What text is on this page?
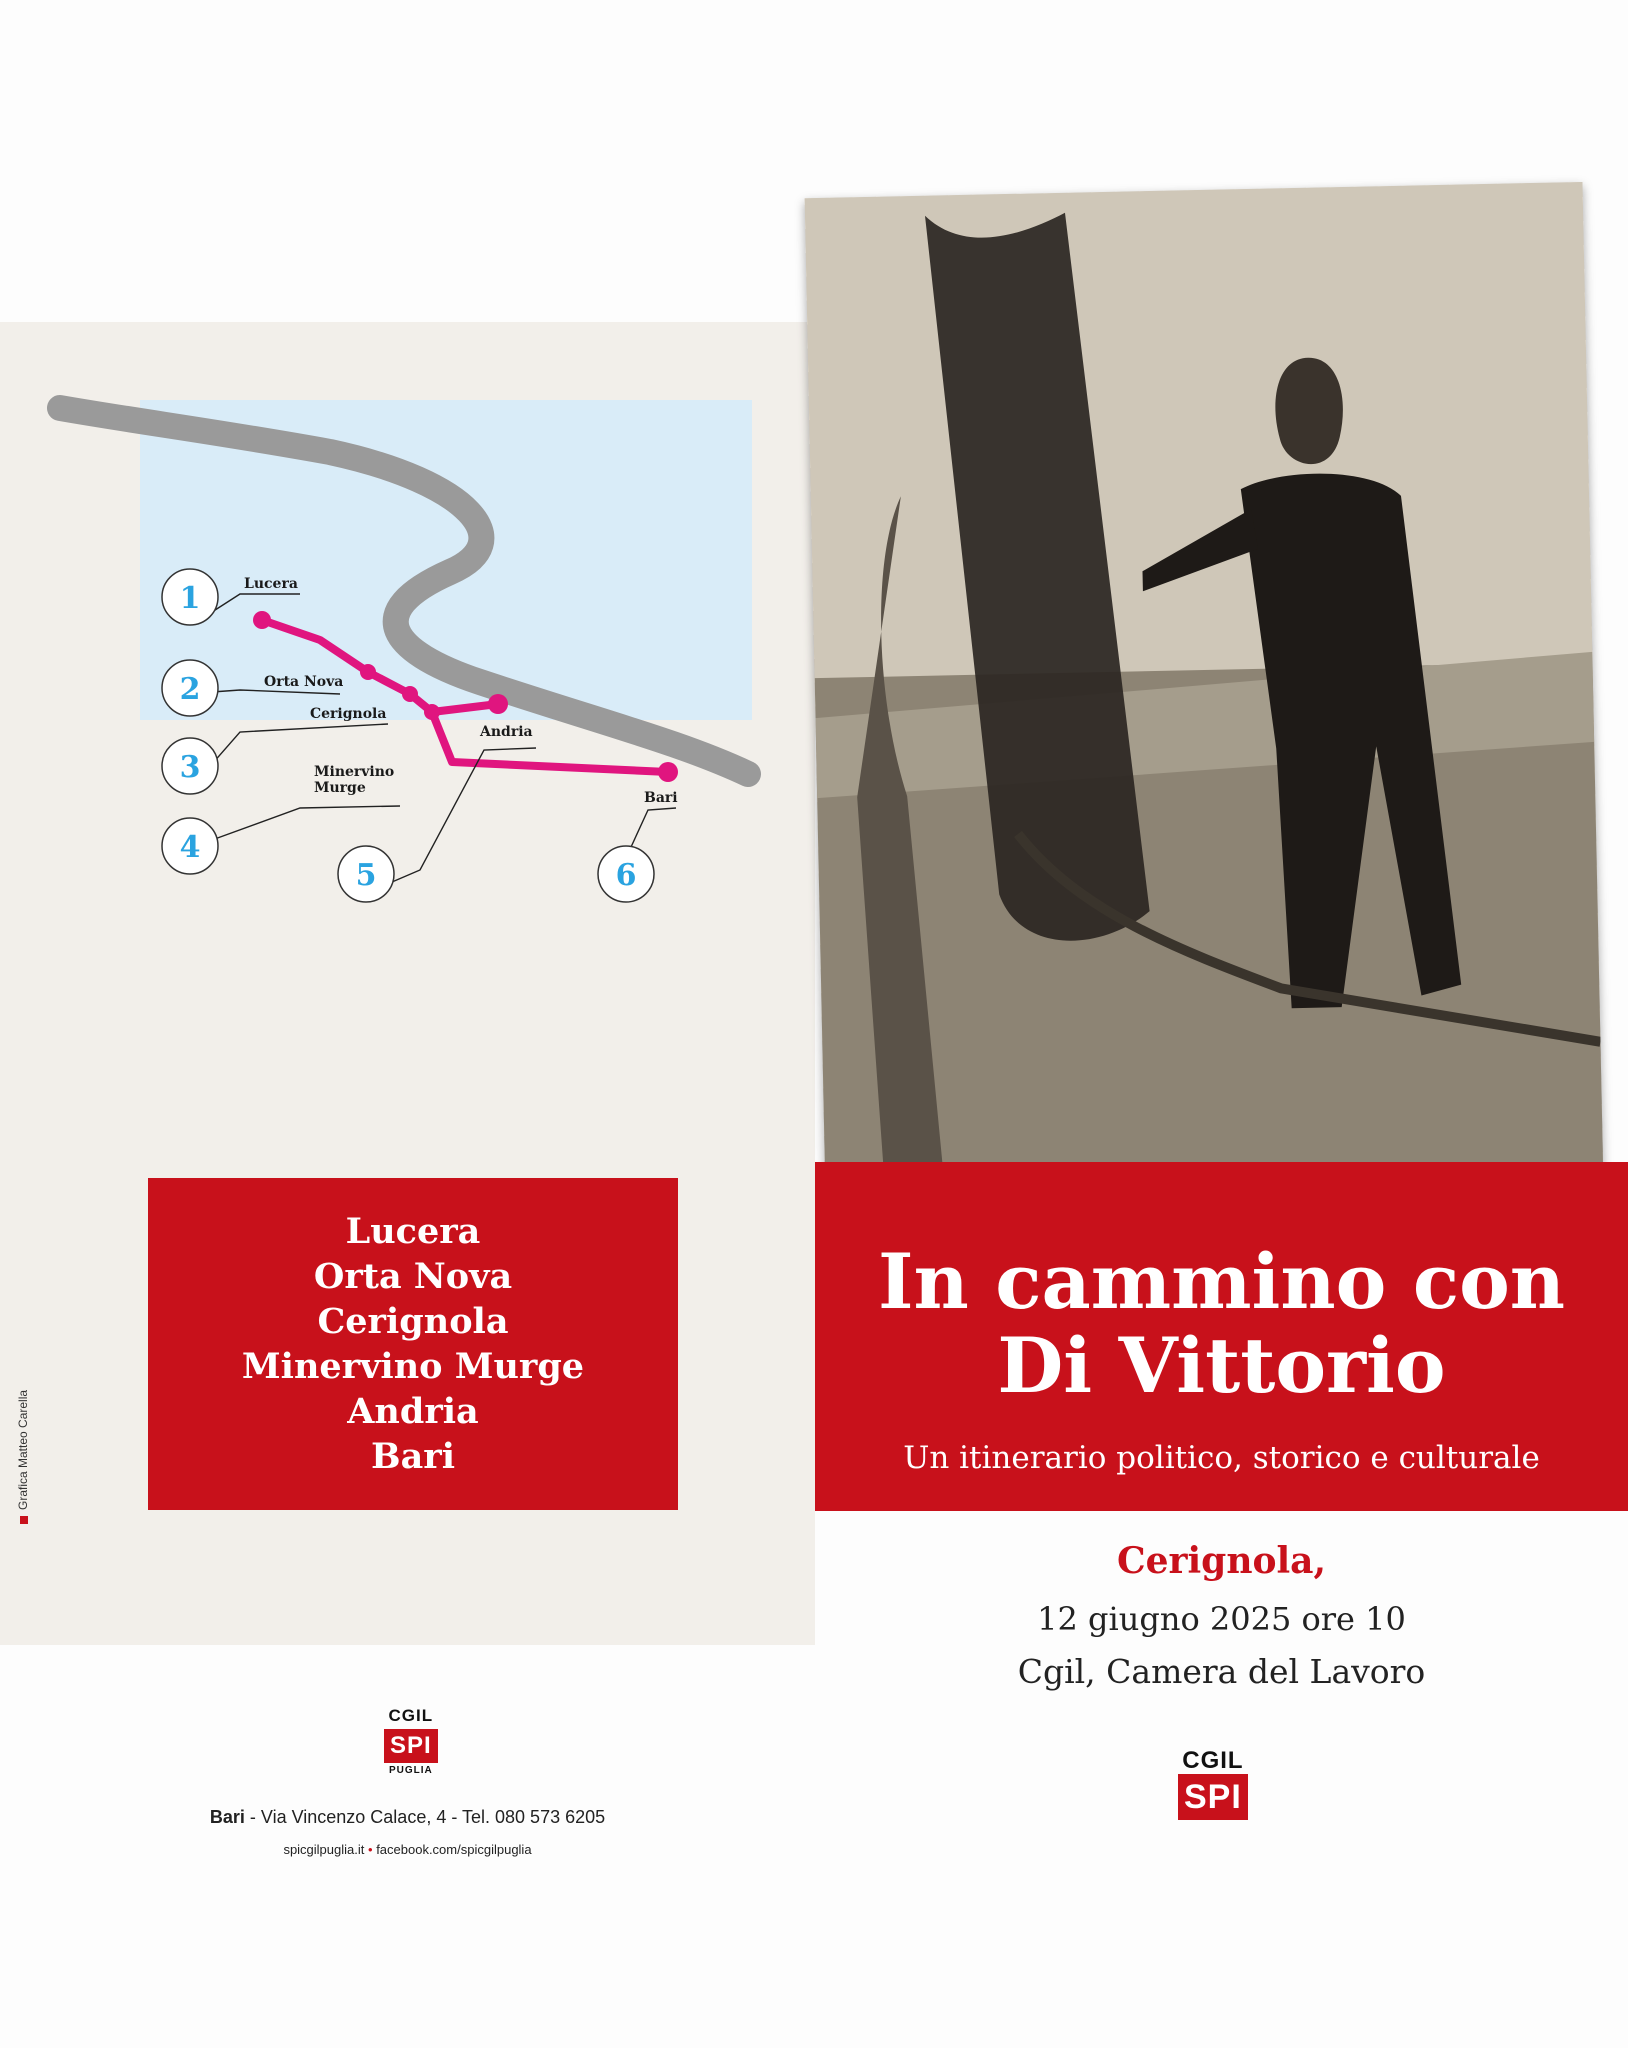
1
2
3
4
5	6
Lucera
Orta Nova
Cerignola
Minervino
Murge
Andria
Bari
Lucera
Orta Nova
Cerignola
Minervino Murge
Andria
Bari
Grafica Matteo Carella
CGIL
SPI
PUGLIA
Bari - Via Vincenzo Calace, 4 - Tel. 080 573 6205
spicgilpuglia.it • facebook.com/spicgilpuglia
In cammino con
Di Vittorio
Un itinerario politico, storico e culturale
Cerignola,
12 giugno 2025 ore 10
Cgil, Camera del Lavoro
CGIL
SPI
